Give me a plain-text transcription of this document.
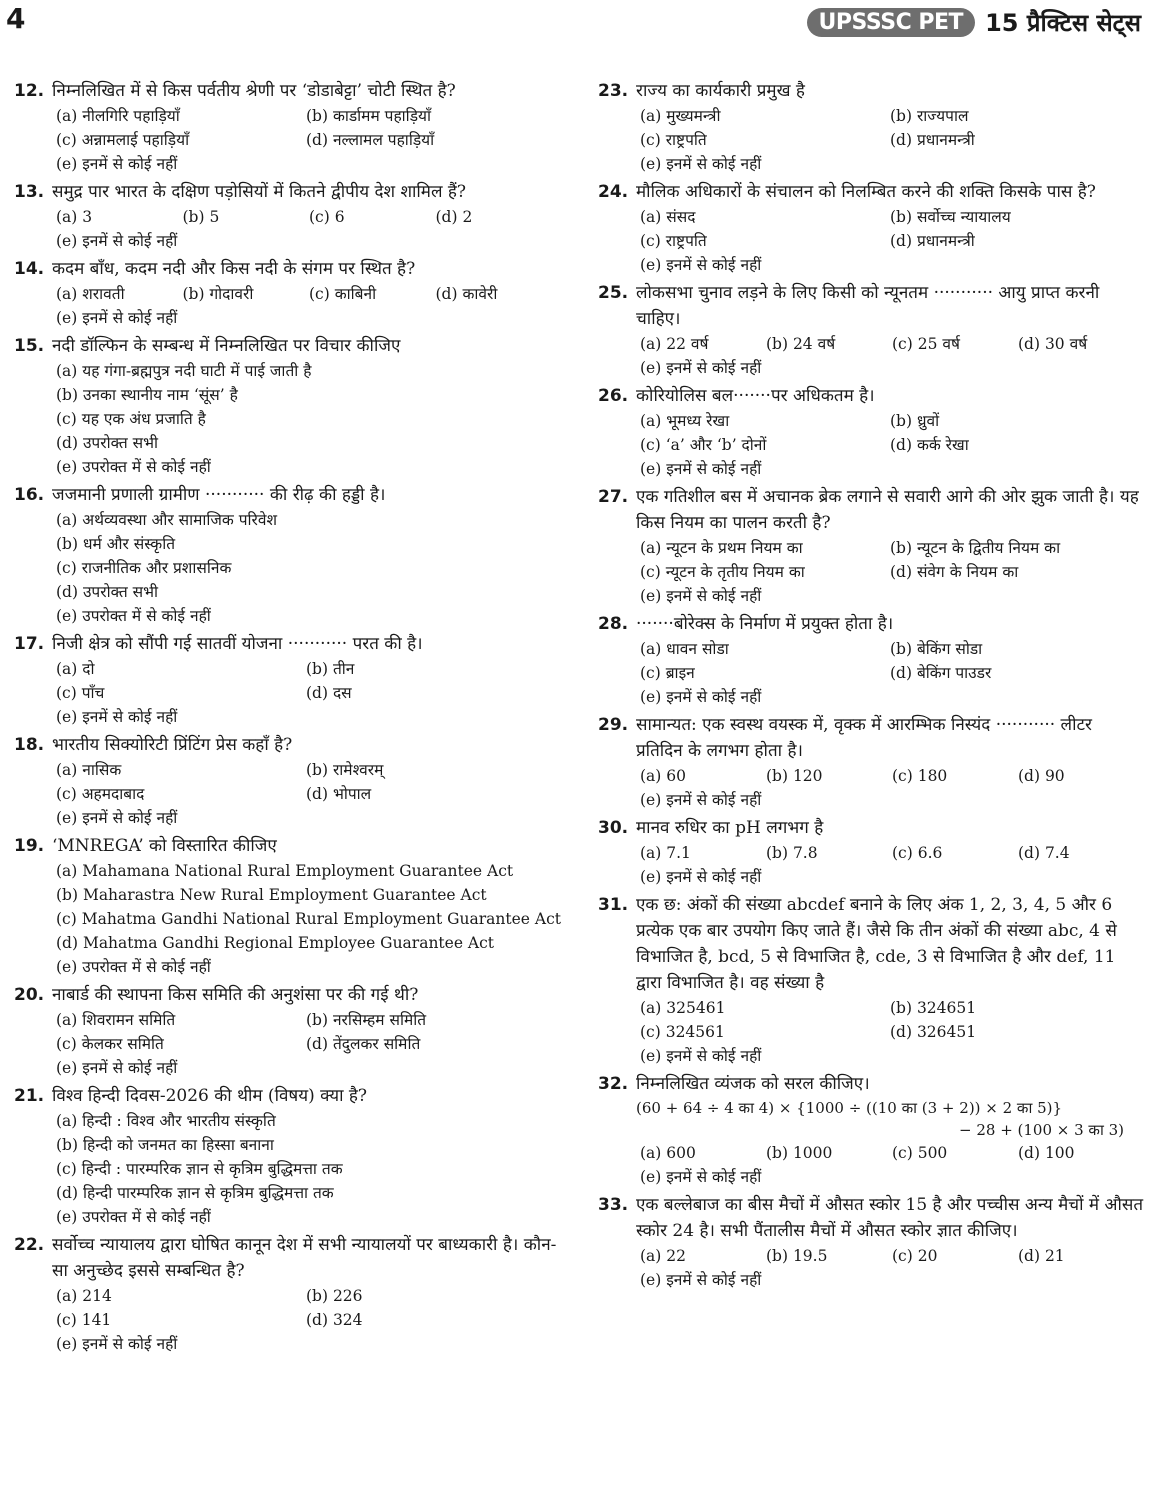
4	UPSSSC PET 15 प्रैक्टिस सेट्स
12. निम्नलिखित में से किस पर्वतीय श्रेणी पर ‘डोडाबेट्टा’ चोटी स्थित है?
(a) नीलगिरि पहाड़ियाँ	(b) कार्डामम पहाड़ियाँ
(c) अन्नामलाई पहाड़ियाँ	(d) नल्लामल पहाड़ियाँ
(e) इनमें से कोई नहीं
13. समुद्र पार भारत के दक्षिण पड़ोसियों में कितने द्वीपीय देश शामिल हैं?
(a) 3	(b) 5	(c) 6	(d) 2
(e) इनमें से कोई नहीं
14. कदम बाँध, कदम नदी और किस नदी के संगम पर स्थित है?
(a) शरावती	(b) गोदावरी	(c) काबिनी	(d) कावेरी
(e) इनमें से कोई नहीं
15. नदी डॉल्फिन के सम्बन्ध में निम्नलिखित पर विचार कीजिए
(a) यह गंगा-ब्रह्मपुत्र नदी घाटी में पाई जाती है
(b) उनका स्थानीय नाम ‘सूंस’ है
(c) यह एक अंध प्रजाति है
(d) उपरोक्त सभी
(e) उपरोक्त में से कोई नहीं
16. जजमानी प्रणाली ग्रामीण ··········· की रीढ़ की हड्डी है।
(a) अर्थव्यवस्था और सामाजिक परिवेश
(b) धर्म और संस्कृति
(c) राजनीतिक और प्रशासनिक
(d) उपरोक्त सभी
(e) उपरोक्त में से कोई नहीं
17. निजी क्षेत्र को सौंपी गई सातवीं योजना ··········· परत की है।
(a) दो	(b) तीन
(c) पाँच	(d) दस
(e) इनमें से कोई नहीं
18. भारतीय सिक्योरिटी प्रिंटिंग प्रेस कहाँ है?
(a) नासिक	(b) रामेश्वरम्
(c) अहमदाबाद	(d) भोपाल
(e) इनमें से कोई नहीं
19. ‘MNREGA’ को विस्तारित कीजिए
(a) Mahamana National Rural Employment Guarantee Act
(b) Maharastra New Rural Employment Guarantee Act
(c) Mahatma Gandhi National Rural Employment Guarantee Act
(d) Mahatma Gandhi Regional Employee Guarantee Act
(e) उपरोक्त में से कोई नहीं
20. नाबार्ड की स्थापना किस समिति की अनुशंसा पर की गई थी?
(a) शिवरामन समिति	(b) नरसिम्हम समिति
(c) केलकर समिति	(d) तेंदुलकर समिति
(e) इनमें से कोई नहीं
21. विश्व हिन्दी दिवस-2026 की थीम (विषय) क्या है?
(a) हिन्दी : विश्व और भारतीय संस्कृति
(b) हिन्दी को जनमत का हिस्सा बनाना
(c) हिन्दी : पारम्परिक ज्ञान से कृत्रिम बुद्धिमत्ता तक
(d) हिन्दी पारम्परिक ज्ञान से कृत्रिम बुद्धिमत्ता तक
(e) उपरोक्त में से कोई नहीं
22. सर्वोच्च न्यायालय द्वारा घोषित कानून देश में सभी न्यायालयों पर बाध्यकारी है। कौन-सा अनुच्छेद इससे सम्बन्धित है?
(a) 214	(b) 226
(c) 141	(d) 324
(e) इनमें से कोई नहीं
23. राज्य का कार्यकारी प्रमुख है
(a) मुख्यमन्त्री	(b) राज्यपाल
(c) राष्ट्रपति	(d) प्रधानमन्त्री
(e) इनमें से कोई नहीं
24. मौलिक अधिकारों के संचालन को निलम्बित करने की शक्ति किसके पास है?
(a) संसद	(b) सर्वोच्च न्यायालय
(c) राष्ट्रपति	(d) प्रधानमन्त्री
(e) इनमें से कोई नहीं
25. लोकसभा चुनाव लड़ने के लिए किसी को न्यूनतम ··········· आयु प्राप्त करनी चाहिए।
(a) 22 वर्ष	(b) 24 वर्ष	(c) 25 वर्ष	(d) 30 वर्ष
(e) इनमें से कोई नहीं
26. कोरियोलिस बल·······पर अधिकतम है।
(a) भूमध्य रेखा	(b) ध्रुवों
(c) ‘a’ और ‘b’ दोनों	(d) कर्क रेखा
(e) इनमें से कोई नहीं
27. एक गतिशील बस में अचानक ब्रेक लगाने से सवारी आगे की ओर झुक जाती है। यह किस नियम का पालन करती है?
(a) न्यूटन के प्रथम नियम का	(b) न्यूटन के द्वितीय नियम का
(c) न्यूटन के तृतीय नियम का	(d) संवेग के नियम का
(e) इनमें से कोई नहीं
28. ·······बोरेक्स के निर्माण में प्रयुक्त होता है।
(a) धावन सोडा	(b) बेकिंग सोडा
(c) ब्राइन	(d) बेकिंग पाउडर
(e) इनमें से कोई नहीं
29. सामान्यत: एक स्वस्थ वयस्क में, वृक्क में आरम्भिक निस्यंद ··········· लीटर प्रतिदिन के लगभग होता है।
(a) 60	(b) 120	(c) 180	(d) 90
(e) इनमें से कोई नहीं
30. मानव रुधिर का pH लगभग है
(a) 7.1	(b) 7.8	(c) 6.6	(d) 7.4
(e) इनमें से कोई नहीं
31. एक छ: अंकों की संख्या abcdef बनाने के लिए अंक 1, 2, 3, 4, 5 और 6 प्रत्येक एक बार उपयोग किए जाते हैं। जैसे कि तीन अंकों की संख्या abc, 4 से विभाजित है, bcd, 5 से विभाजित है, cde, 3 से विभाजित है और def, 11 द्वारा विभाजित है। वह संख्या है
(a) 325461	(b) 324651
(c) 324561	(d) 326451
(e) इनमें से कोई नहीं
32. निम्नलिखित व्यंजक को सरल कीजिए।
(60 + 64 ÷ 4 का 4) × {1000 ÷ ((10 का (3 + 2)) × 2 का 5)}
− 28 + (100 × 3 का 3)
(a) 600	(b) 1000	(c) 500	(d) 100
(e) इनमें से कोई नहीं
33. एक बल्लेबाज का बीस मैचों में औसत स्कोर 15 है और पच्चीस अन्य मैचों में औसत स्कोर 24 है। सभी पैंतालीस मैचों में औसत स्कोर ज्ञात कीजिए।
(a) 22	(b) 19.5	(c) 20	(d) 21
(e) इनमें से कोई नहीं
